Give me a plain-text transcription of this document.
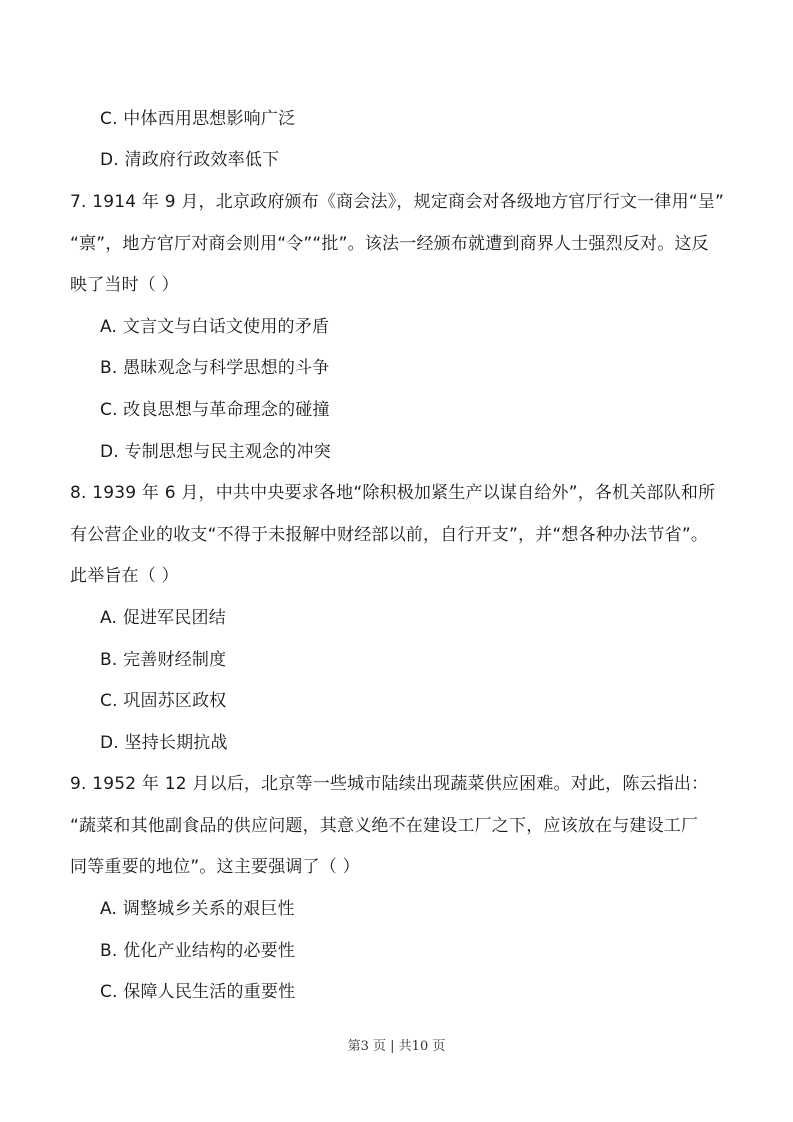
C. 中体西用思想影响广泛
D. 清政府行政效率低下
7. 1914 年 9 月，北京政府颁布《商会法》，规定商会对各级地方官厅行文一律用“呈”
“禀”，地方官厅对商会则用“令”“批”。该法一经颁布就遭到商界人士强烈反对。这反
映了当时（ ）
A. 文言文与白话文使用的矛盾
B. 愚昧观念与科学思想的斗争
C. 改良思想与革命理念的碰撞
D. 专制思想与民主观念的冲突
8. 1939 年 6 月，中共中央要求各地“除积极加紧生产以谋自给外”，各机关部队和所
有公营企业的收支“不得于未报解中财经部以前，自行开支”，并“想各种办法节省”。
此举旨在（ ）
A. 促进军民团结
B. 完善财经制度
C. 巩固苏区政权
D. 坚持长期抗战
9. 1952 年 12 月以后，北京等一些城市陆续出现蔬菜供应困难。对此，陈云指出：
“蔬菜和其他副食品的供应问题，其意义绝不在建设工厂之下，应该放在与建设工厂
同等重要的地位”。这主要强调了（ ）
A. 调整城乡关系的艰巨性
B. 优化产业结构的必要性
C. 保障人民生活的重要性
第3 页 | 共10 页
